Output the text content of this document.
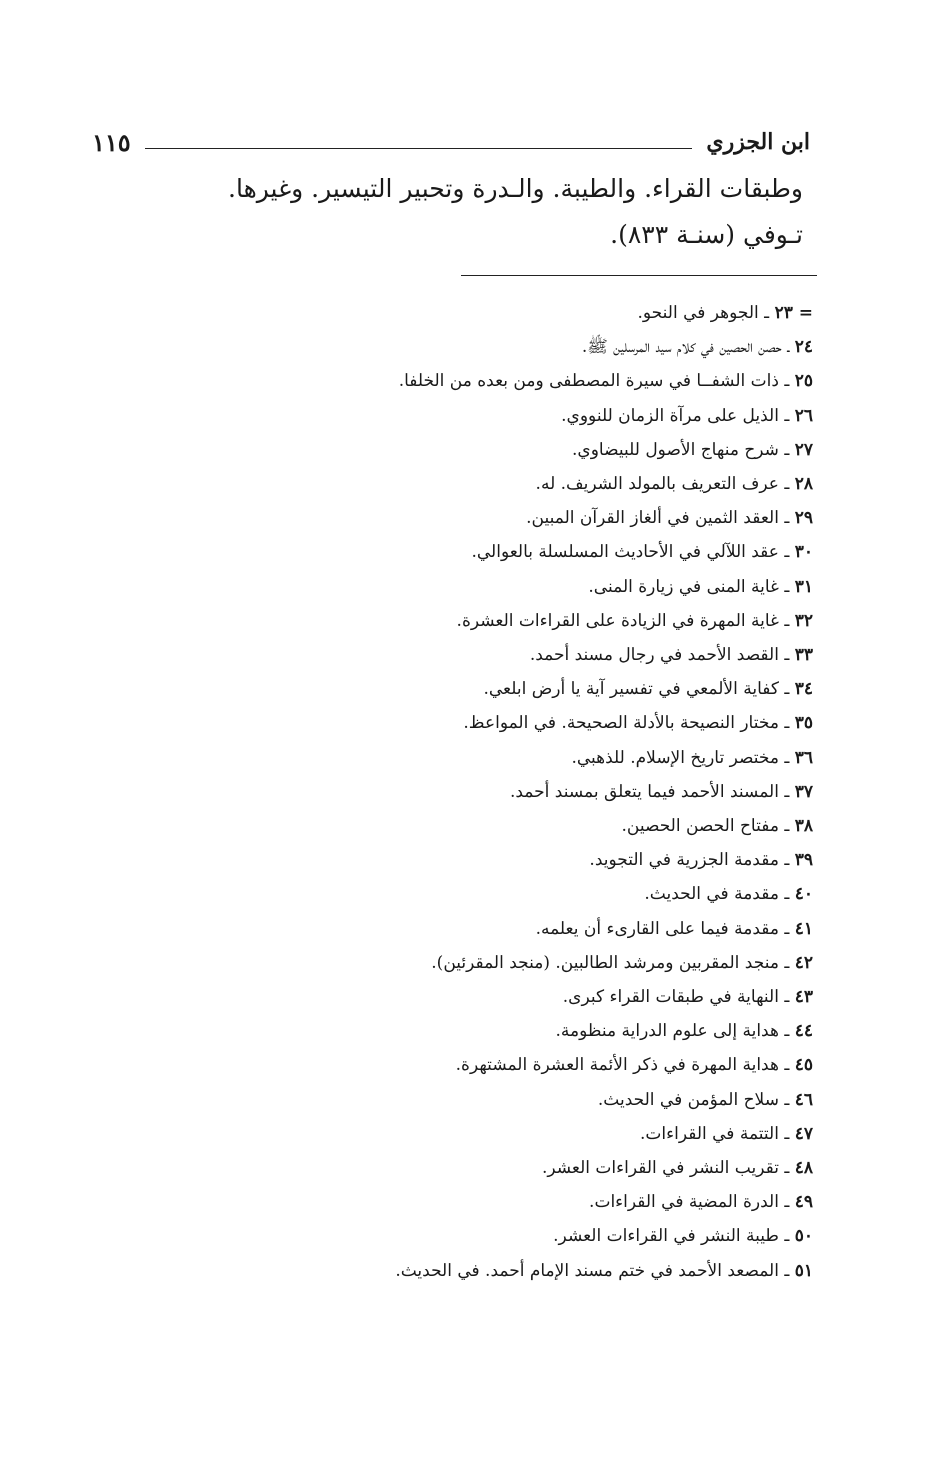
ابن الجزري
١١٥
وطبقات القراء. والطيبة. والـدرة وتحبير التيسير. وغيرها.
تـوفي (سنـة ٨٣٣).
= ٢٣ ـ الجوهر في النحو.
٢٤ ـ حصن الحصين في كلام سيد المرسلين ﷺ.
٢٥ ـ ذات الشفــا في سيرة المصطفى ومن بعده من الخلفا.
٢٦ ـ الذيل على مرآة الزمان للنووي.
٢٧ ـ شرح منهاج الأصول للبيضاوي.
٢٨ ـ عرف التعريف بالمولد الشريف. له.
٢٩ ـ العقد الثمين في ألغاز القرآن المبين.
٣٠ ـ عقد اللآلي في الأحاديث المسلسلة بالعوالي.
٣١ ـ غاية المنى في زيارة المنى.
٣٢ ـ غاية المهرة في الزيادة على القراءات العشرة.
٣٣ ـ القصد الأحمد في رجال مسند أحمد.
٣٤ ـ كفاية الألمعي في تفسير آية يا أرض ابلعي.
٣٥ ـ مختار النصيحة بالأدلة الصحيحة. في المواعظ.
٣٦ ـ مختصر تاريخ الإسلام. للذهبي.
٣٧ ـ المسند الأحمد فيما يتعلق بمسند أحمد.
٣٨ ـ مفتاح الحصن الحصين.
٣٩ ـ مقدمة الجزرية في التجويد.
٤٠ ـ مقدمة في الحديث.
٤١ ـ مقدمة فيما على القارىء أن يعلمه.
٤٢ ـ منجد المقربين ومرشد الطالبين. (منجد المقرئين).
٤٣ ـ النهاية في طبقات القراء كبرى.
٤٤ ـ هداية إلى علوم الدراية منظومة.
٤٥ ـ هداية المهرة في ذكر الأئمة العشرة المشتهرة.
٤٦ ـ سلاح المؤمن في الحديث.
٤٧ ـ التتمة في القراءات.
٤٨ ـ تقريب النشر في القراءات العشر.
٤٩ ـ الدرة المضية في القراءات.
٥٠ ـ طيبة النشر في القراءات العشر.
٥١ ـ المصعد الأحمد في ختم مسند الإمام أحمد. في الحديث.
